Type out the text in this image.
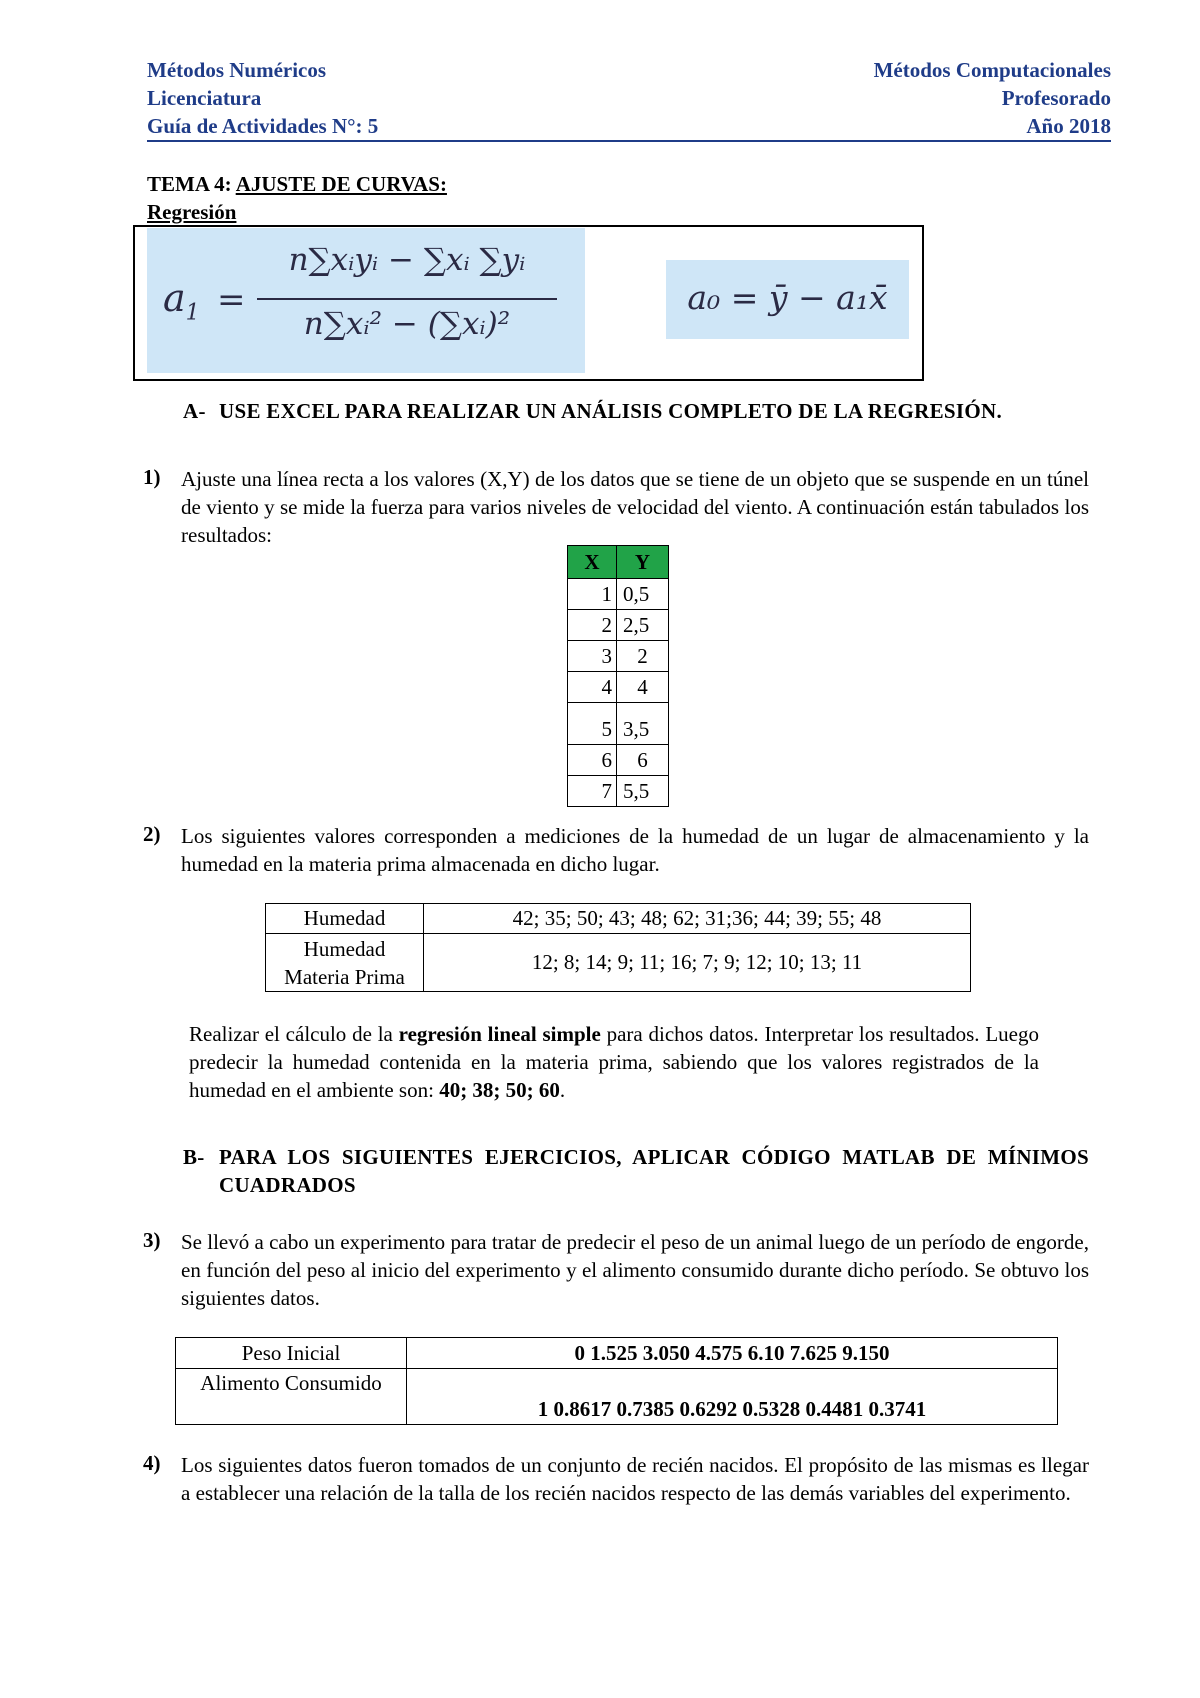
Métodos Numéricos
Licenciatura
Guía de Actividades N°: 5
Métodos Computacionales
Profesorado
Año 2018
TEMA 4: AJUSTE DE CURVAS:
Regresión
$a_1$ =
n∑xᵢyᵢ − ∑xᵢ ∑yᵢ
n∑xᵢ² − (∑xᵢ)²
a₀ = ȳ − a₁x̄
A- USE EXCEL PARA REALIZAR UN ANÁLISIS COMPLETO DE LA REGRESIÓN.
1) Ajuste una línea recta a los valores (X,Y) de los datos que se tiene de un objeto que se suspende en un túnel de viento y se mide la fuerza para varios niveles de velocidad del viento. A continuación están tabulados los resultados:
X	Y
1	0,5
2	2,5
3	2
4	4
5	3,5
6	6
7	5,5
2) Los siguientes valores corresponden a mediciones de la humedad de un lugar de almacenamiento y la humedad en la materia prima almacenada en dicho lugar.
Humedad	42; 35; 50; 43; 48; 62; 31;36; 44; 39; 55; 48

Humedad
Materia Prima	12; 8; 14; 9; 11; 16; 7; 9; 12; 10; 13; 11
Realizar el cálculo de la regresión lineal simple para dichos datos. Interpretar los resultados. Luego predecir la humedad contenida en la materia prima, sabiendo que los valores registrados de la humedad en el ambiente son: 40; 38; 50; 60.
B- PARA LOS SIGUIENTES EJERCICIOS, APLICAR CÓDIGO MATLAB DE MÍNIMOS CUADRADOS
3) Se llevó a cabo un experimento para tratar de predecir el peso de un animal luego de un período de engorde, en función del peso al inicio del experimento y el alimento consumido durante dicho período. Se obtuvo los siguientes datos.
Peso Inicial	0 1.525 3.050 4.575 6.10 7.625 9.150
Alimento Consumido	1 0.8617 0.7385 0.6292 0.5328 0.4481 0.3741
4) Los siguientes datos fueron tomados de un conjunto de recién nacidos. El propósito de las mismas es llegar a establecer una relación de la talla de los recién nacidos respecto de las demás variables del experimento.
